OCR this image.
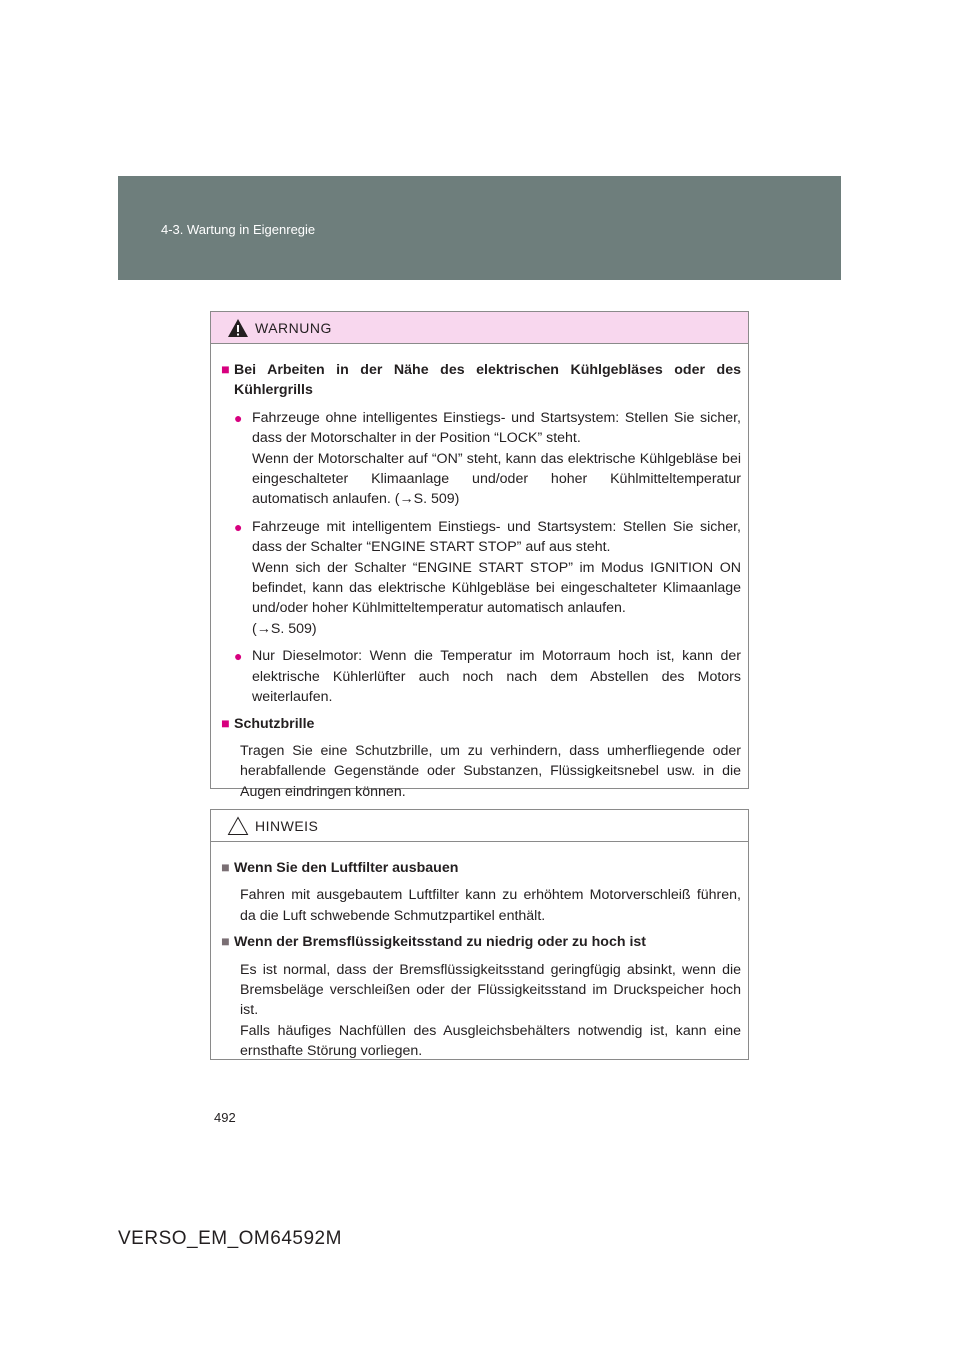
4-3. Wartung in Eigenregie
WARNUNG
■ Bei Arbeiten in der Nähe des elektrischen Kühlgebläses oder des Kühlergrills
● Fahrzeuge ohne intelligentes Einstiegs- und Startsystem: Stellen Sie sicher, dass der Motorschalter in der Position “LOCK” steht.
Wenn der Motorschalter auf “ON” steht, kann das elektrische Kühlgebläse bei eingeschalteter Klimaanlage und/oder hoher Kühlmitteltemperatur automatisch anlaufen. (→S. 509)
● Fahrzeuge mit intelligentem Einstiegs- und Startsystem: Stellen Sie sicher, dass der Schalter “ENGINE START STOP” auf aus steht.
Wenn sich der Schalter “ENGINE START STOP” im Modus IGNITION ON befindet, kann das elektrische Kühlgebläse bei eingeschalteter Klimaanlage und/oder hoher Kühlmitteltemperatur automatisch anlaufen.
(→S. 509)
● Nur Dieselmotor: Wenn die Temperatur im Motorraum hoch ist, kann der elektrische Kühlerlüfter auch noch nach dem Abstellen des Motors weiterlaufen.
■ Schutzbrille
Tragen Sie eine Schutzbrille, um zu verhindern, dass umherfliegende oder herabfallende Gegenstände oder Substanzen, Flüssigkeitsnebel usw. in die Augen eindringen können.
HINWEIS
■ Wenn Sie den Luftfilter ausbauen
Fahren mit ausgebautem Luftfilter kann zu erhöhtem Motorverschleiß führen, da die Luft schwebende Schmutzpartikel enthält.
■ Wenn der Bremsflüssigkeitsstand zu niedrig oder zu hoch ist
Es ist normal, dass der Bremsflüssigkeitsstand geringfügig absinkt, wenn die Bremsbeläge verschleißen oder der Flüssigkeitsstand im Druckspeicher hoch ist.
Falls häufiges Nachfüllen des Ausgleichsbehälters notwendig ist, kann eine ernsthafte Störung vorliegen.
492
VERSO_EM_OM64592M
